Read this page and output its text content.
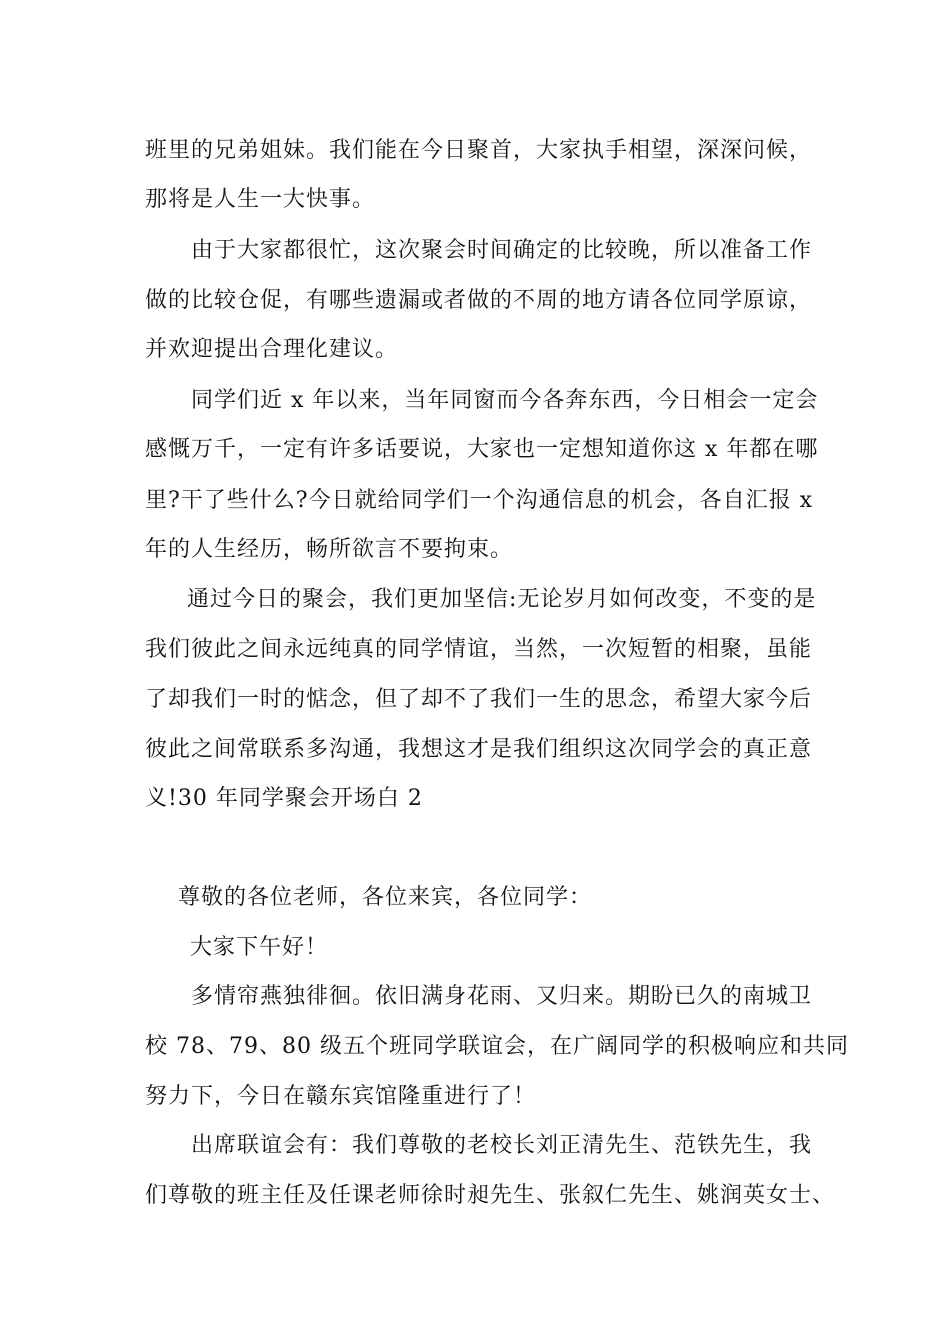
班里的兄弟姐妹。我们能在今日聚首，大家执手相望，深深问候，
那将是人生一大快事。
由于大家都很忙，这次聚会时间确定的比较晚，所以准备工作
做的比较仓促，有哪些遗漏或者做的不周的地方请各位同学原谅，
并欢迎提出合理化建议。
同学们近 x 年以来，当年同窗而今各奔东西，今日相会一定会
感慨万千，一定有许多话要说，大家也一定想知道你这 x 年都在哪
里?干了些什么?今日就给同学们一个沟通信息的机会，各自汇报 x
年的人生经历，畅所欲言不要拘束。
通过今日的聚会，我们更加坚信:无论岁月如何改变，不变的是
我们彼此之间永远纯真的同学情谊，当然，一次短暂的相聚，虽能
了却我们一时的惦念，但了却不了我们一生的思念，希望大家今后
彼此之间常联系多沟通，我想这才是我们组织这次同学会的真正意
义!30 年同学聚会开场白 2
尊敬的各位老师，各位来宾，各位同学：
大家下午好！
多情帘燕独徘徊。依旧满身花雨、又归来。期盼已久的南城卫
校 78、79、80 级五个班同学联谊会，在广阔同学的积极响应和共同
努力下，今日在赣东宾馆隆重进行了！
出席联谊会有：我们尊敬的老校长刘正清先生、范铁先生，我
们尊敬的班主任及任课老师徐时昶先生、张叙仁先生、姚润英女士、
